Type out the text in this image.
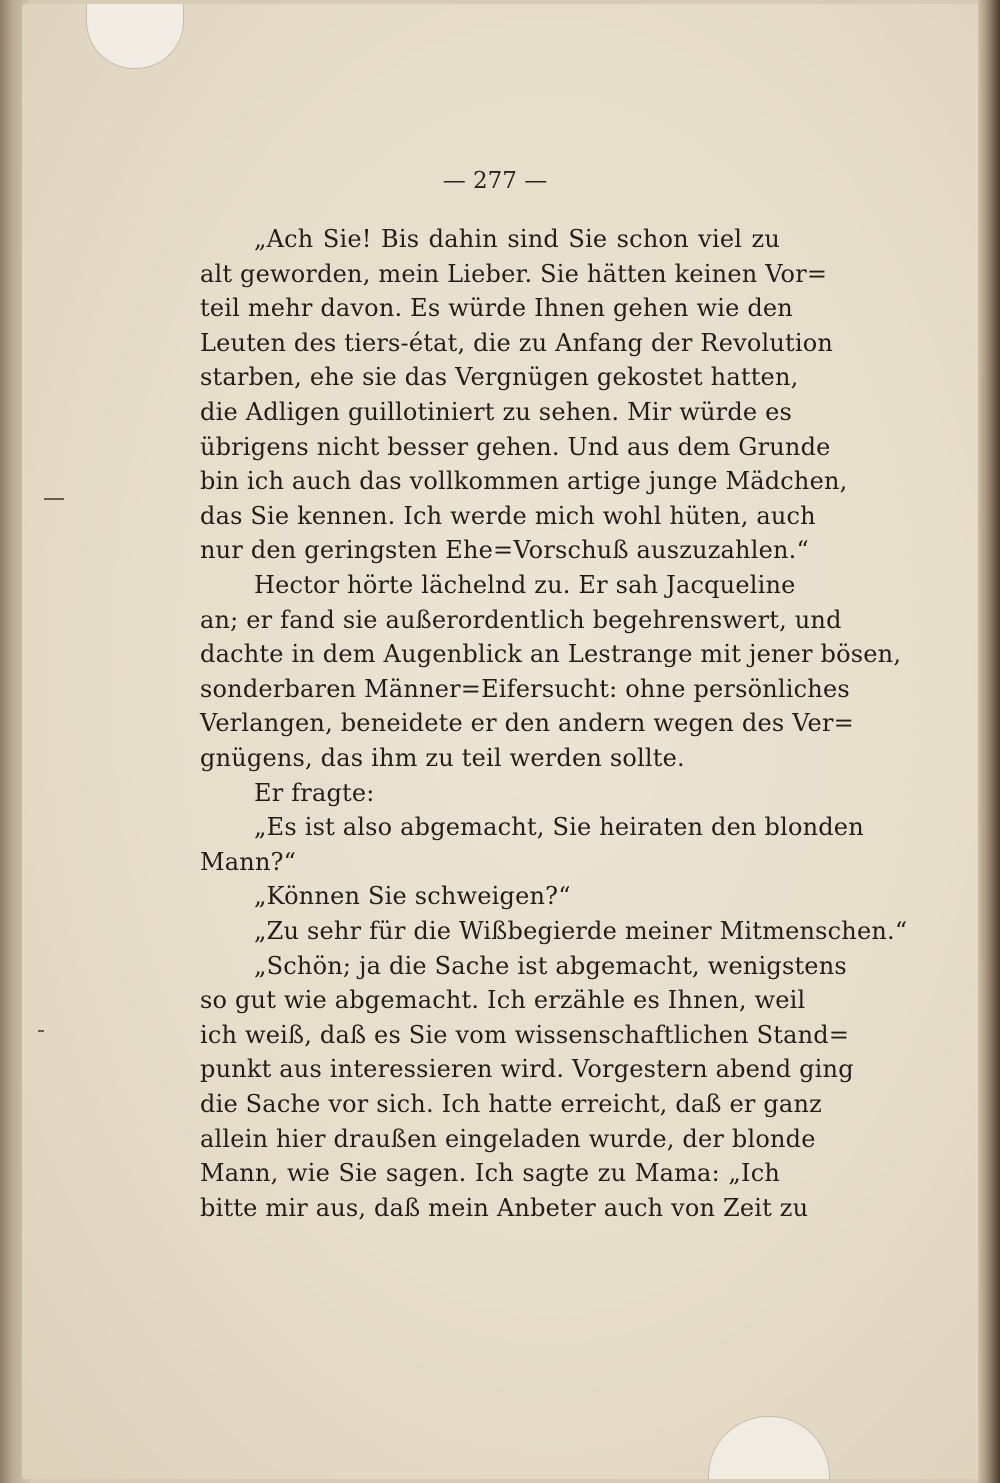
— 277 —
„Ach Sie! Bis dahin sind Sie schon viel zu
alt geworden, mein Lieber. Sie hätten keinen Vor=
teil mehr davon. Es würde Ihnen gehen wie den
Leuten des tiers-état, die zu Anfang der Revolution
starben, ehe sie das Vergnügen gekostet hatten,
die Adligen guillotiniert zu sehen. Mir würde es
übrigens nicht besser gehen. Und aus dem Grunde
bin ich auch das vollkommen artige junge Mädchen,
das Sie kennen. Ich werde mich wohl hüten, auch
nur den geringsten Ehe=Vorschuß auszuzahlen.“
Hector hörte lächelnd zu. Er sah Jacqueline
an; er fand sie außerordentlich begehrenswert, und
dachte in dem Augenblick an Lestrange mit jener bösen,
sonderbaren Männer=Eifersucht: ohne persönliches
Verlangen, beneidete er den andern wegen des Ver=
gnügens, das ihm zu teil werden sollte.
Er fragte:
„Es ist also abgemacht, Sie heiraten den blonden
Mann?“
„Können Sie schweigen?“
„Zu sehr für die Wißbegierde meiner Mitmenschen.“
„Schön; ja die Sache ist abgemacht, wenigstens
so gut wie abgemacht. Ich erzähle es Ihnen, weil
ich weiß, daß es Sie vom wissenschaftlichen Stand=
punkt aus interessieren wird. Vorgestern abend ging
die Sache vor sich. Ich hatte erreicht, daß er ganz
allein hier draußen eingeladen wurde, der blonde
Mann, wie Sie sagen. Ich sagte zu Mama: „Ich
bitte mir aus, daß mein Anbeter auch von Zeit zu
